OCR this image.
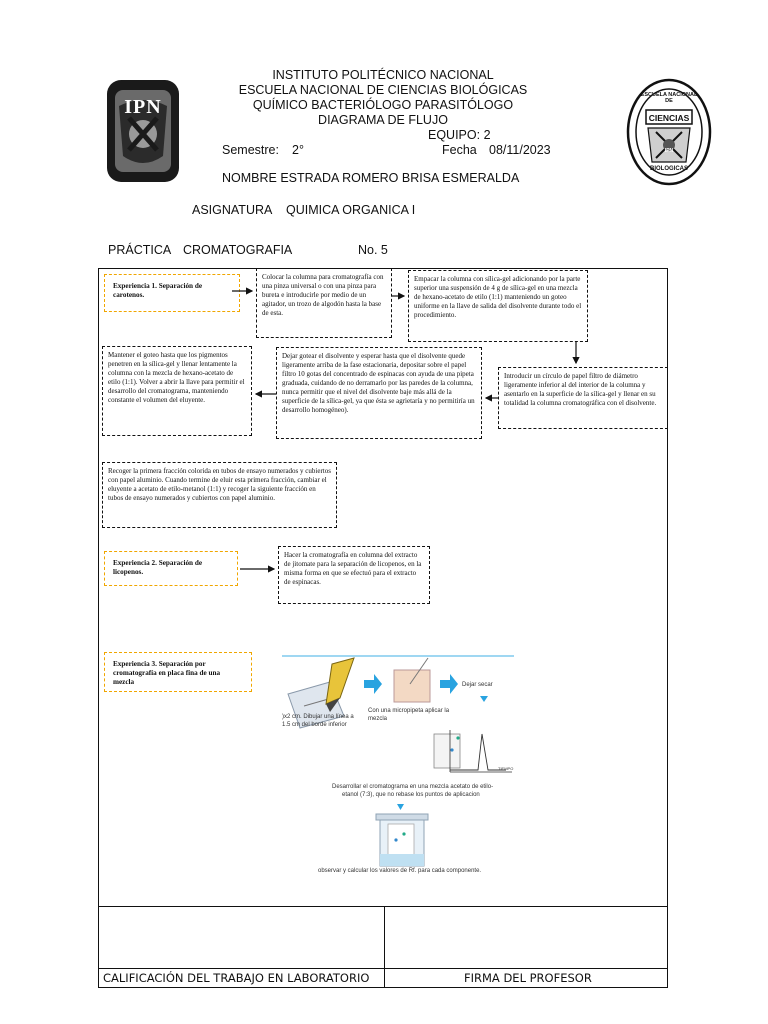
INSTITUTO POLITÉCNICO NACIONAL
ESCUELA NACIONAL DE CIENCIAS BIOLÓGICAS
QUÍMICO BACTERIÓLOGO PARASITÓLOGO
DIAGRAMA DE FLUJO
EQUIPO: 2
Semestre: 2°	Fecha 08/11/2023
NOMBRE ESTRADA ROMERO BRISA ESMERALDA
ASIGNATURA QUIMICA ORGANICA I
PRÁCTICA CROMATOGRAFIA	No. 5
IPN
ESCUELA NACIONAL DE
CIENCIAS
IPN
BIOLOGICAS
Experiencia 1. Separación de carotenos.
Colocar la columna para cromatografía con una pinza universal o con una pinza para bureta e introducirle por medio de un agitador, un trozo de algodón hasta la base de esta.
Empacar la columna con sílica-gel adicionando por la parte superior una suspensión de 4 g de sílica-gel en una mezcla de hexano-acetato de etilo (1:1) manteniendo un goteo uniforme en la llave de salida del disolvente durante todo el procedimiento.
Introducir un círculo de papel filtro de diámetro ligeramente inferior al del interior de la columna y asentarlo en la superficie de la sílica-gel y llenar en su totalidad la columna cromatográfica con el disolvente.
Dejar gotear el disolvente y esperar hasta que el disolvente quede ligeramente arriba de la fase estacionaria, depositar sobre el papel filtro 10 gotas del concentrado de espinacas con ayuda de una pipeta graduada, cuidando de no derramarlo por las paredes de la columna, nunca permitir que el nivel del disolvente baje más allá de la superficie de la sílica-gel, ya que ésta se agrietaría y no permitiría un desarrollo homogéneo).
Mantener el goteo hasta que los pigmentos penetren en la sílica-gel y llenar lentamente la columna con la mezcla de hexano-acetato de etilo (1:1). Volver a abrir la llave para permitir el desarrollo del cromatograma, manteniendo constante el volumen del eluyente.
Recoger la primera fracción colorida en tubos de ensayo numerados y cubiertos con papel aluminio. Cuando termine de eluir esta primera fracción, cambiar el eluyente a acetato de etilo-metanol (1:1) y recoger la siguiente fracción en tubos de ensayo numerados y cubiertos con papel aluminio.
Experiencia 2. Separación de licopenos.
Hacer la cromatografía en columna del extracto de jitomate para la separación de licopenos, en la misma forma en que se efectuó para el extracto de espinacas.
Experiencia 3. Separación por cromatografía en placa fina de una mezcla
)x2 cm. Dibujar una línea a
1.5 cm del borde inferior
Con una micropipeta aplicar la
mezcla
Dejar secar
TIEMPO
Desarrollar el cromatograma en una mezcla acetato de etilo-
etanol (7:3), que no rebase los puntos de aplicacion
observar y calcular los valores de Rf. para cada componente.
CALIFICACIÓN DEL TRABAJO EN LABORATORIO	FIRMA DEL PROFESOR
